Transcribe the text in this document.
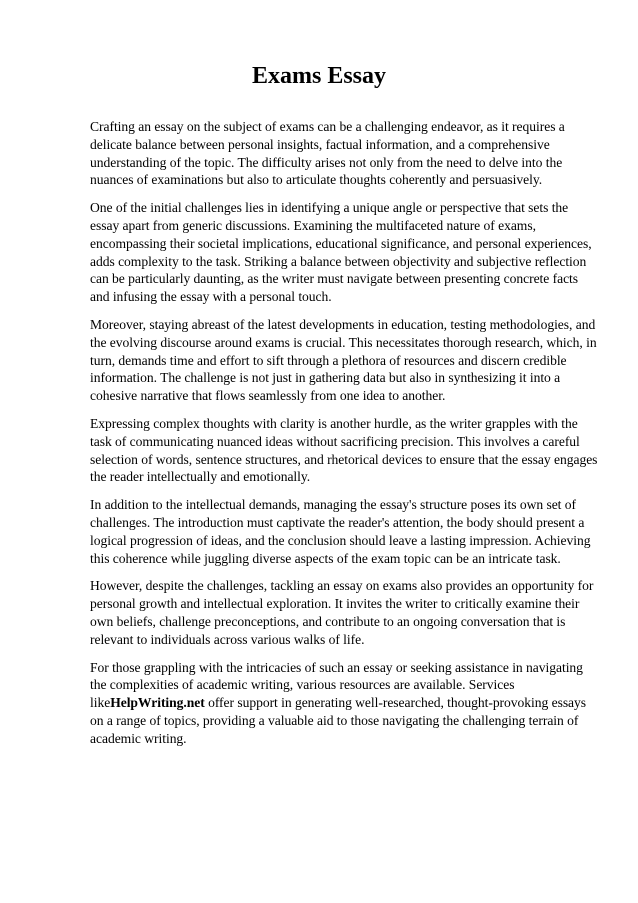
Exams Essay

Crafting an essay on the subject of exams can be a challenging endeavor, as it requires a delicate balance between personal insights, factual information, and a comprehensive understanding of the topic. The difficulty arises not only from the need to delve into the nuances of examinations but also to articulate thoughts coherently and persuasively.

One of the initial challenges lies in identifying a unique angle or perspective that sets the essay apart from generic discussions. Examining the multifaceted nature of exams, encompassing their societal implications, educational significance, and personal experiences, adds complexity to the task. Striking a balance between objectivity and subjective reflection can be particularly daunting, as the writer must navigate between presenting concrete facts and infusing the essay with a personal touch.

Moreover, staying abreast of the latest developments in education, testing methodologies, and the evolving discourse around exams is crucial. This necessitates thorough research, which, in turn, demands time and effort to sift through a plethora of resources and discern credible information. The challenge is not just in gathering data but also in synthesizing it into a cohesive narrative that flows seamlessly from one idea to another.

Expressing complex thoughts with clarity is another hurdle, as the writer grapples with the task of communicating nuanced ideas without sacrificing precision. This involves a careful selection of words, sentence structures, and rhetorical devices to ensure that the essay engages the reader intellectually and emotionally.

In addition to the intellectual demands, managing the essay's structure poses its own set of challenges. The introduction must captivate the reader's attention, the body should present a logical progression of ideas, and the conclusion should leave a lasting impression. Achieving this coherence while juggling diverse aspects of the exam topic can be an intricate task.

However, despite the challenges, tackling an essay on exams also provides an opportunity for personal growth and intellectual exploration. It invites the writer to critically examine their own beliefs, challenge preconceptions, and contribute to an ongoing conversation that is relevant to individuals across various walks of life.

For those grappling with the intricacies of such an essay or seeking assistance in navigating the complexities of academic writing, various resources are available. Services likeHelpWriting.net offer support in generating well-researched, thought-provoking essays on a range of topics, providing a valuable aid to those navigating the challenging terrain of academic writing.
